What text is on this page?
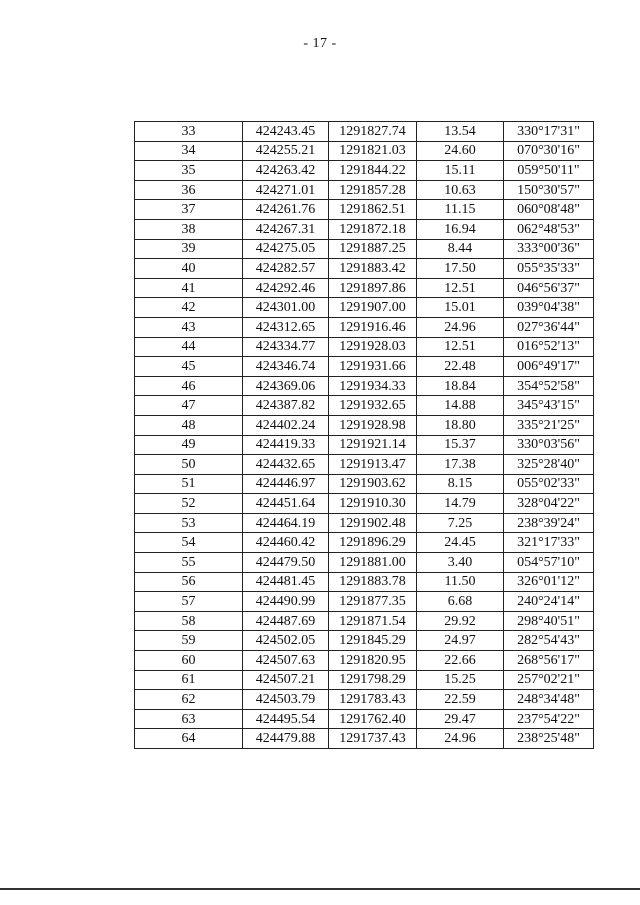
- 17 -
33	424243.45	1291827.74	13.54	330°17'31"
34	424255.21	1291821.03	24.60	070°30'16"
35	424263.42	1291844.22	15.11	059°50'11"
36	424271.01	1291857.28	10.63	150°30'57"
37	424261.76	1291862.51	11.15	060°08'48"
38	424267.31	1291872.18	16.94	062°48'53"
39	424275.05	1291887.25	8.44	333°00'36"
40	424282.57	1291883.42	17.50	055°35'33"
41	424292.46	1291897.86	12.51	046°56'37"
42	424301.00	1291907.00	15.01	039°04'38"
43	424312.65	1291916.46	24.96	027°36'44"
44	424334.77	1291928.03	12.51	016°52'13"
45	424346.74	1291931.66	22.48	006°49'17"
46	424369.06	1291934.33	18.84	354°52'58"
47	424387.82	1291932.65	14.88	345°43'15"
48	424402.24	1291928.98	18.80	335°21'25"
49	424419.33	1291921.14	15.37	330°03'56"
50	424432.65	1291913.47	17.38	325°28'40"
51	424446.97	1291903.62	8.15	055°02'33"
52	424451.64	1291910.30	14.79	328°04'22"
53	424464.19	1291902.48	7.25	238°39'24"
54	424460.42	1291896.29	24.45	321°17'33"
55	424479.50	1291881.00	3.40	054°57'10"
56	424481.45	1291883.78	11.50	326°01'12"
57	424490.99	1291877.35	6.68	240°24'14"
58	424487.69	1291871.54	29.92	298°40'51"
59	424502.05	1291845.29	24.97	282°54'43"
60	424507.63	1291820.95	22.66	268°56'17"
61	424507.21	1291798.29	15.25	257°02'21"
62	424503.79	1291783.43	22.59	248°34'48"
63	424495.54	1291762.40	29.47	237°54'22"
64	424479.88	1291737.43	24.96	238°25'48"
